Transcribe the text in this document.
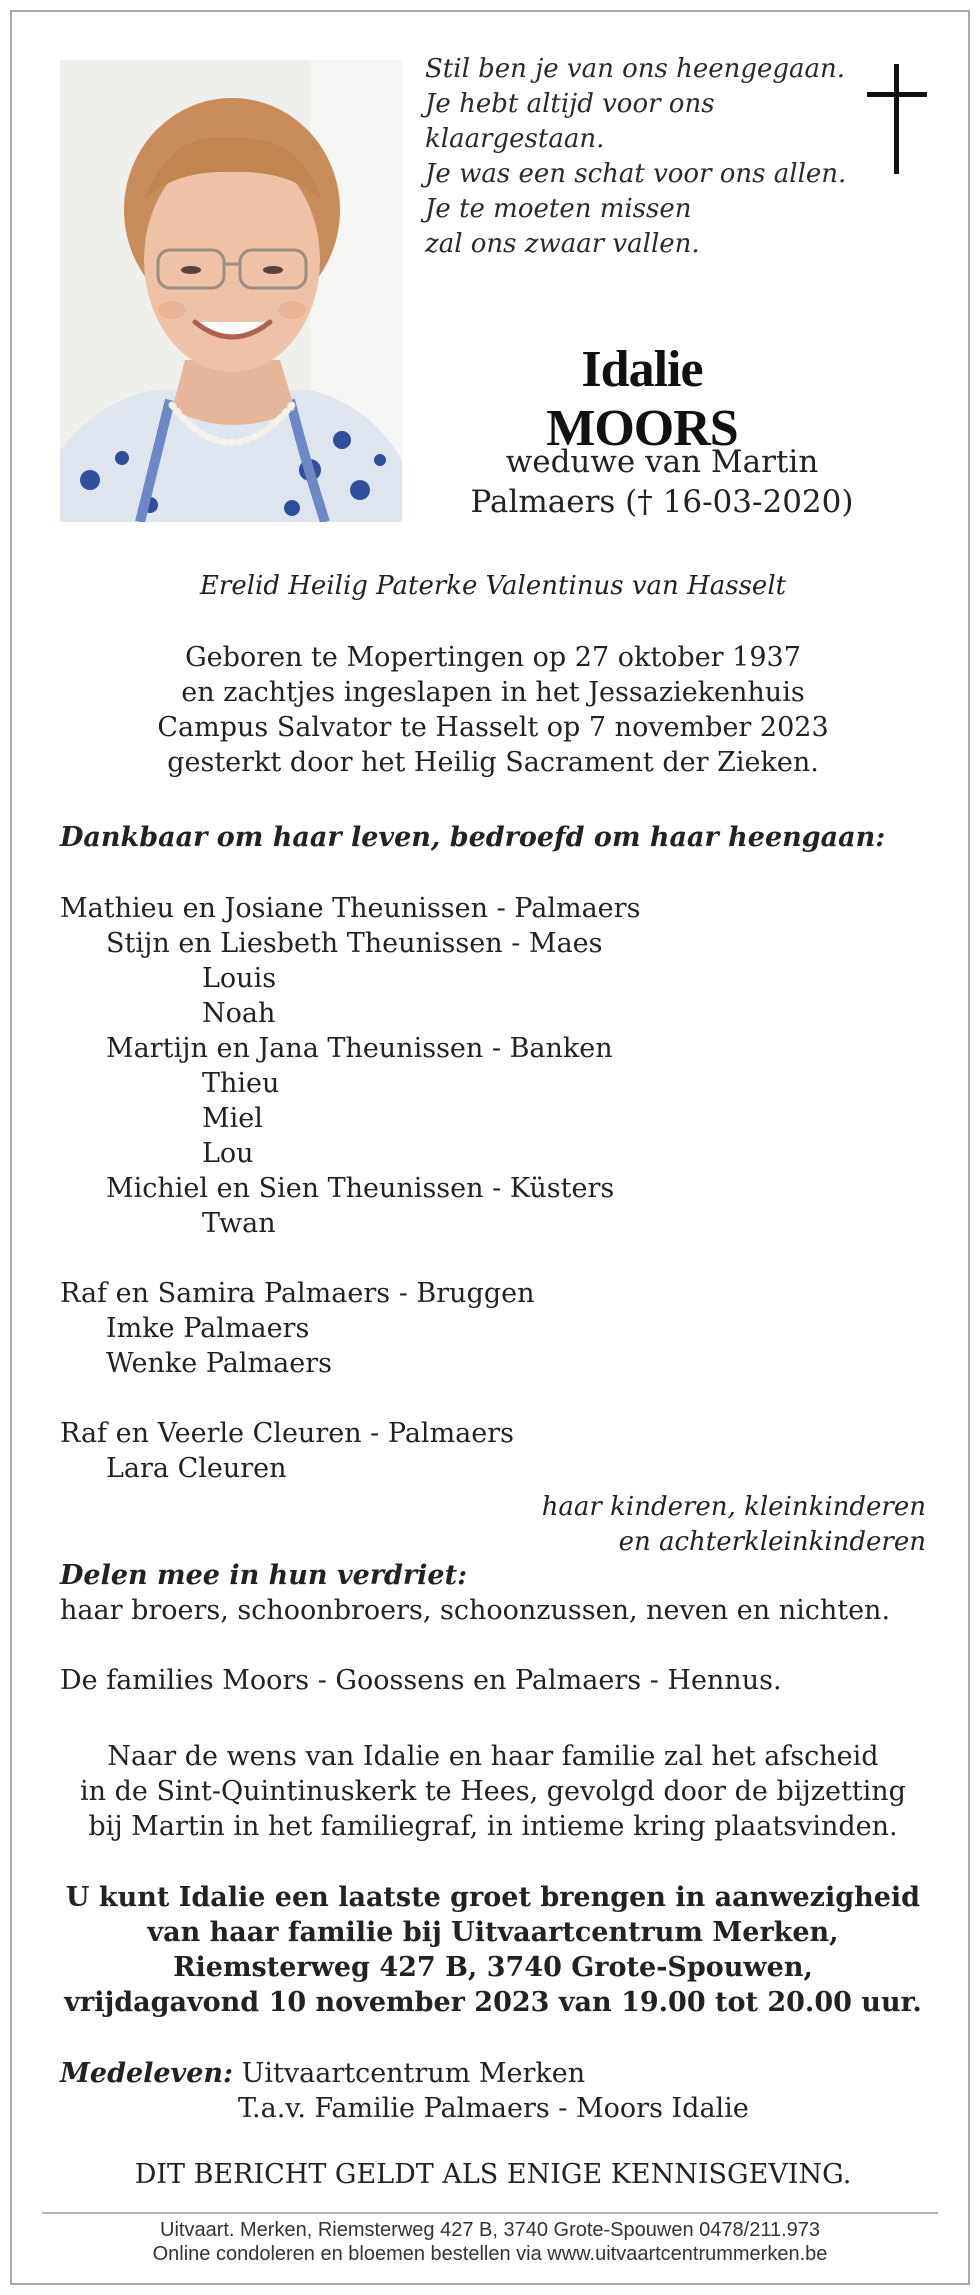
Stil ben je van ons heengegaan.
Je hebt altijd voor ons
klaargestaan.
Je was een schat voor ons allen.
Je te moeten missen
zal ons zwaar vallen.
Idalie MOORS
weduwe van Martin
Palmaers († 16-03-2020)
Erelid Heilig Paterke Valentinus van Hasselt
Geboren te Mopertingen op 27 oktober 1937
en zachtjes ingeslapen in het Jessaziekenhuis
Campus Salvator te Hasselt op 7 november 2023
gesterkt door het Heilig Sacrament der Zieken.
Dankbaar om haar leven, bedroefd om haar heengaan:
Mathieu en Josiane Theunissen - Palmaers
Stijn en Liesbeth Theunissen - Maes
Louis
Noah
Martijn en Jana Theunissen - Banken
Thieu
Miel
Lou
Michiel en Sien Theunissen - Küsters
Twan
Raf en Samira Palmaers - Bruggen
Imke Palmaers
Wenke Palmaers
Raf en Veerle Cleuren - Palmaers
Lara Cleuren
haar kinderen, kleinkinderen
en achterkleinkinderen
Delen mee in hun verdriet:
haar broers, schoonbroers, schoonzussen, neven en nichten.
De families Moors - Goossens en Palmaers - Hennus.
Naar de wens van Idalie en haar familie zal het afscheid
in de Sint-Quintinuskerk te Hees, gevolgd door de bijzetting
bij Martin in het familiegraf, in intieme kring plaatsvinden.
U kunt Idalie een laatste groet brengen in aanwezigheid
van haar familie bij Uitvaartcentrum Merken,
Riemsterweg 427 B, 3740 Grote-Spouwen,
vrijdagavond 10 november 2023 van 19.00 tot 20.00 uur.
Medeleven: Uitvaartcentrum Merken
T.a.v. Familie Palmaers - Moors Idalie
DIT BERICHT GELDT ALS ENIGE KENNISGEVING.
Uitvaart. Merken, Riemsterweg 427 B, 3740 Grote-Spouwen 0478/211.973
Online condoleren en bloemen bestellen via www.uitvaartcentrummerken.be
